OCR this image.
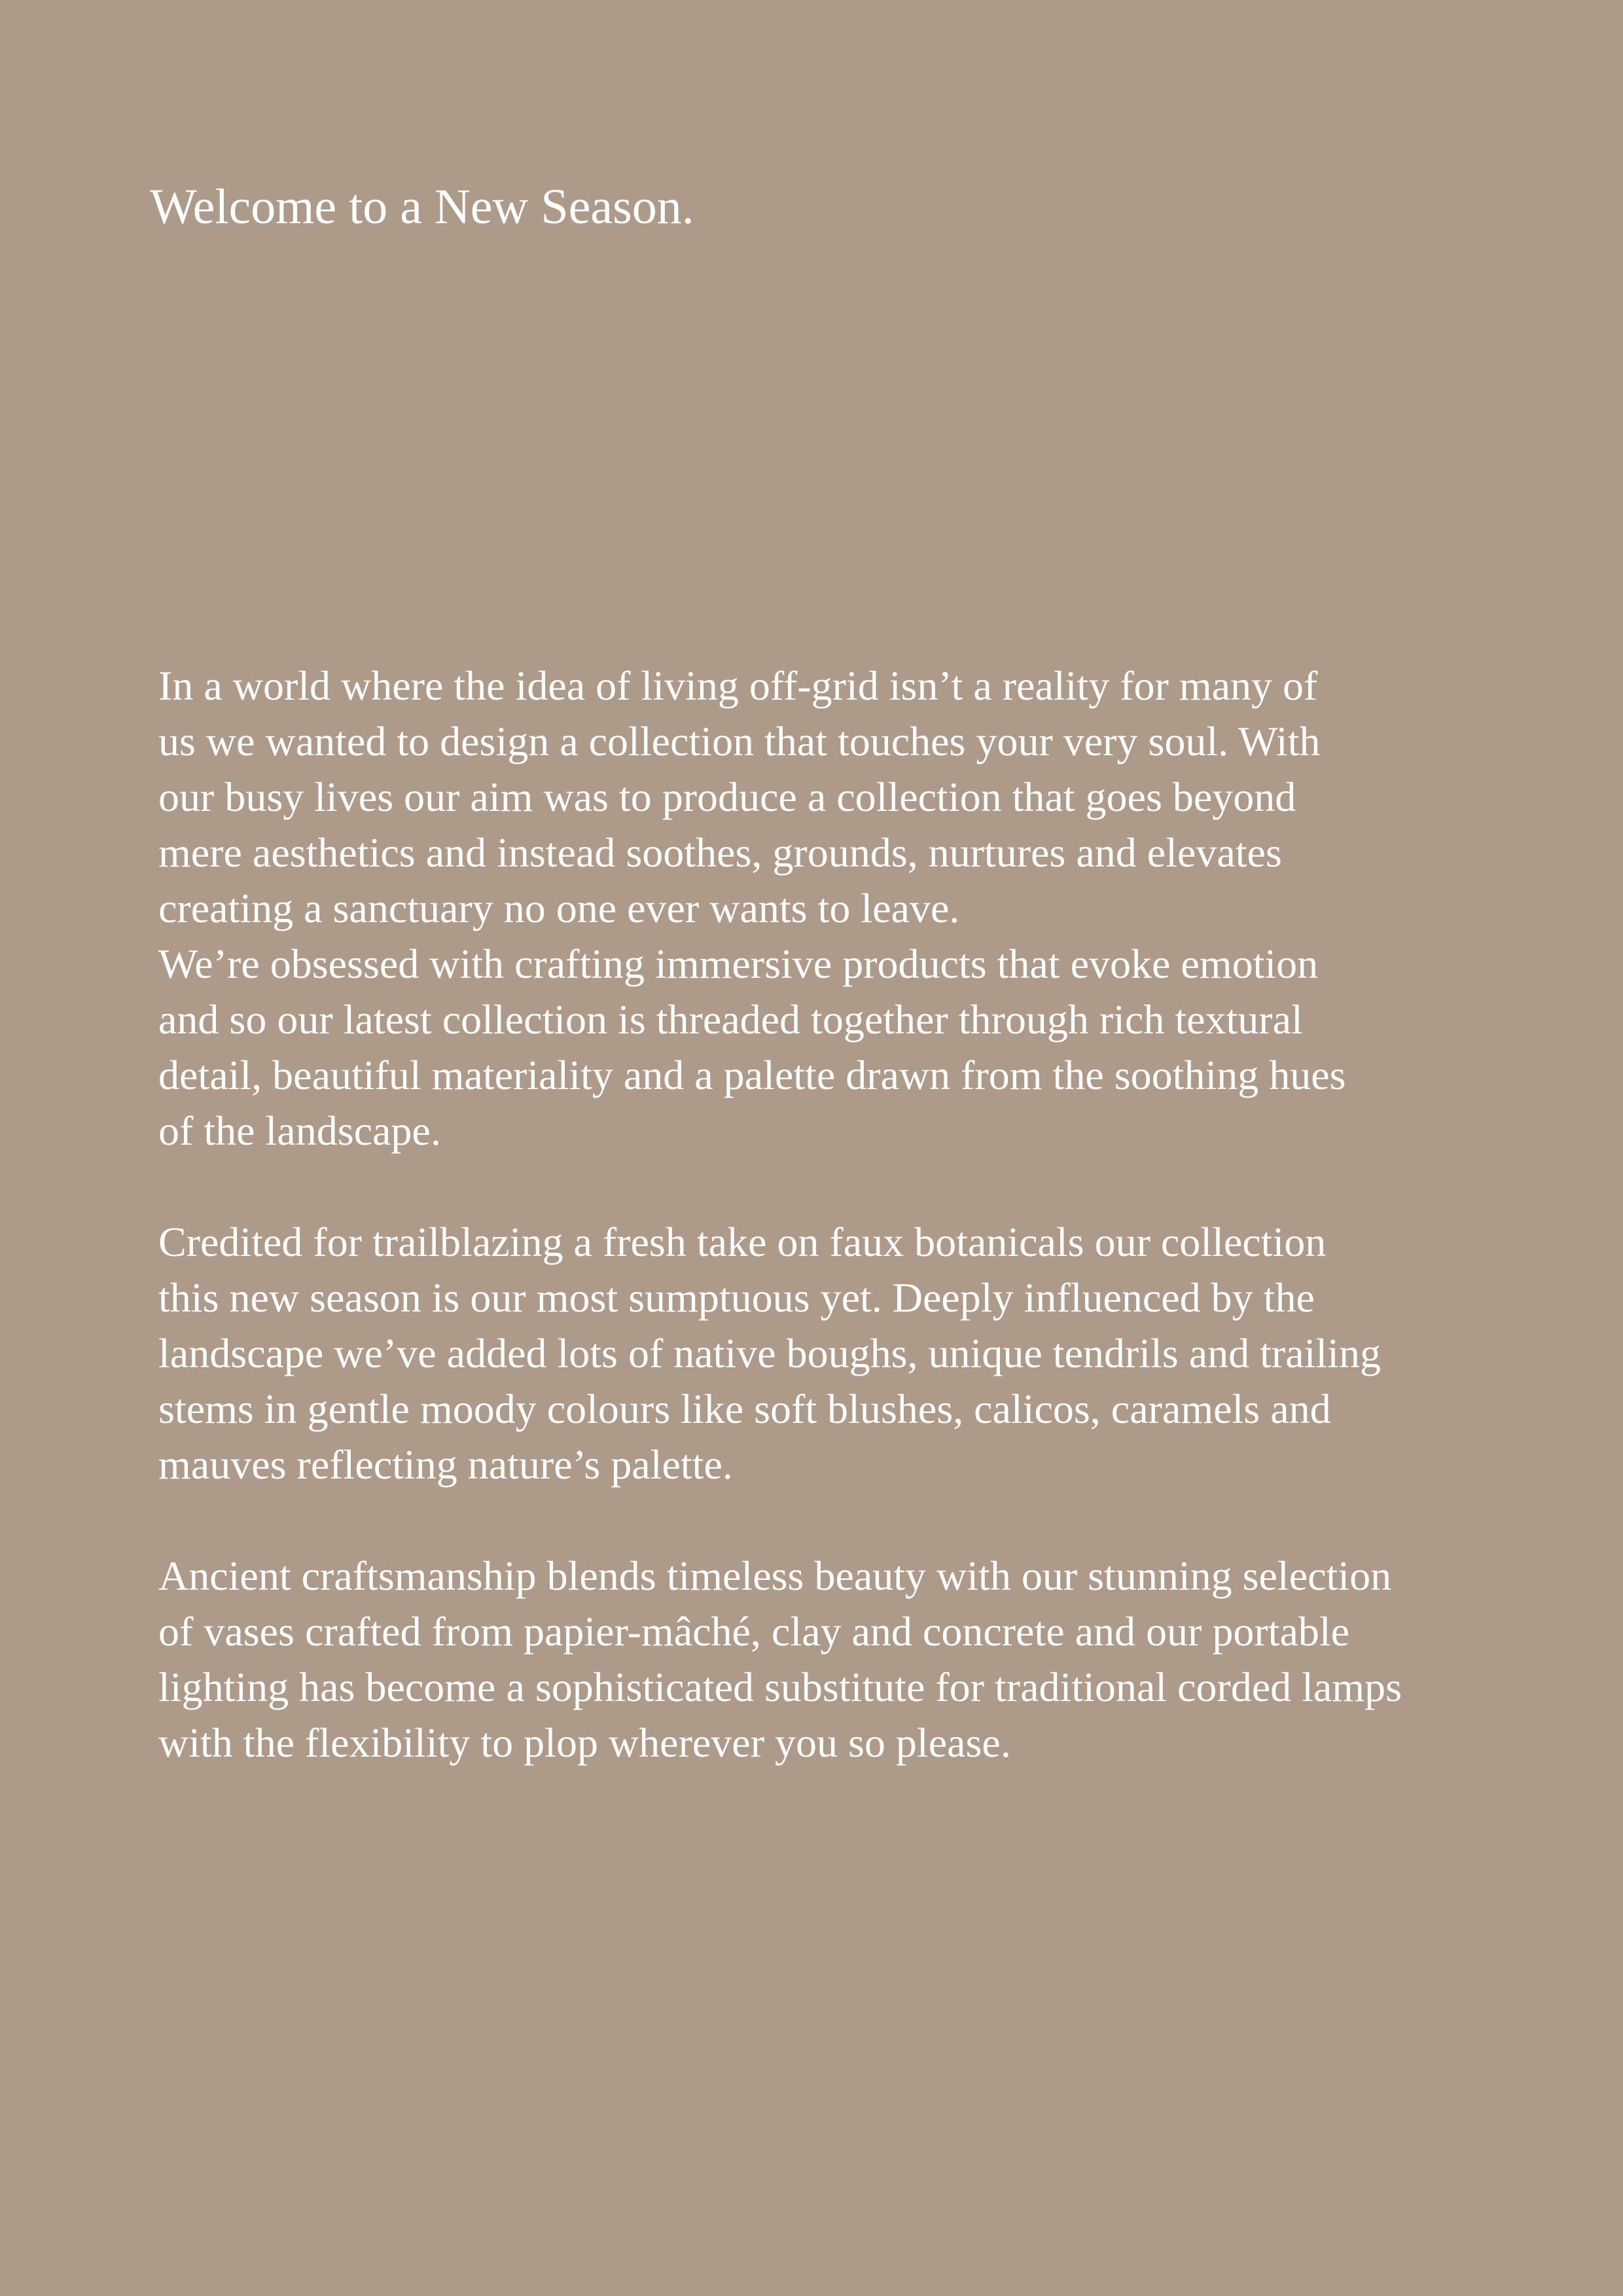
Welcome to a New Season.

In a world where the idea of living off-grid isn’t a reality for many of
us we wanted to design a collection that touches your very soul. With
our busy lives our aim was to produce a collection that goes beyond
mere aesthetics and instead soothes, grounds, nurtures and elevates
creating a sanctuary no one ever wants to leave.

We’re obsessed with crafting immersive products that evoke emotion
and so our latest collection is threaded together through rich textural
detail, beautiful materiality and a palette drawn from the soothing hues
of the landscape.

Credited for trailblazing a fresh take on faux botanicals our collection
this new season is our most sumptuous yet. Deeply influenced by the
landscape we’ve added lots of native boughs, unique tendrils and trailing
stems in gentle moody colours like soft blushes, calicos, caramels and
mauves reflecting nature’s palette.

Ancient craftsmanship blends timeless beauty with our stunning selection
of vases crafted from papier-mâché, clay and concrete and our portable
lighting has become a sophisticated substitute for traditional corded lamps
with the flexibility to plop wherever you so please.
